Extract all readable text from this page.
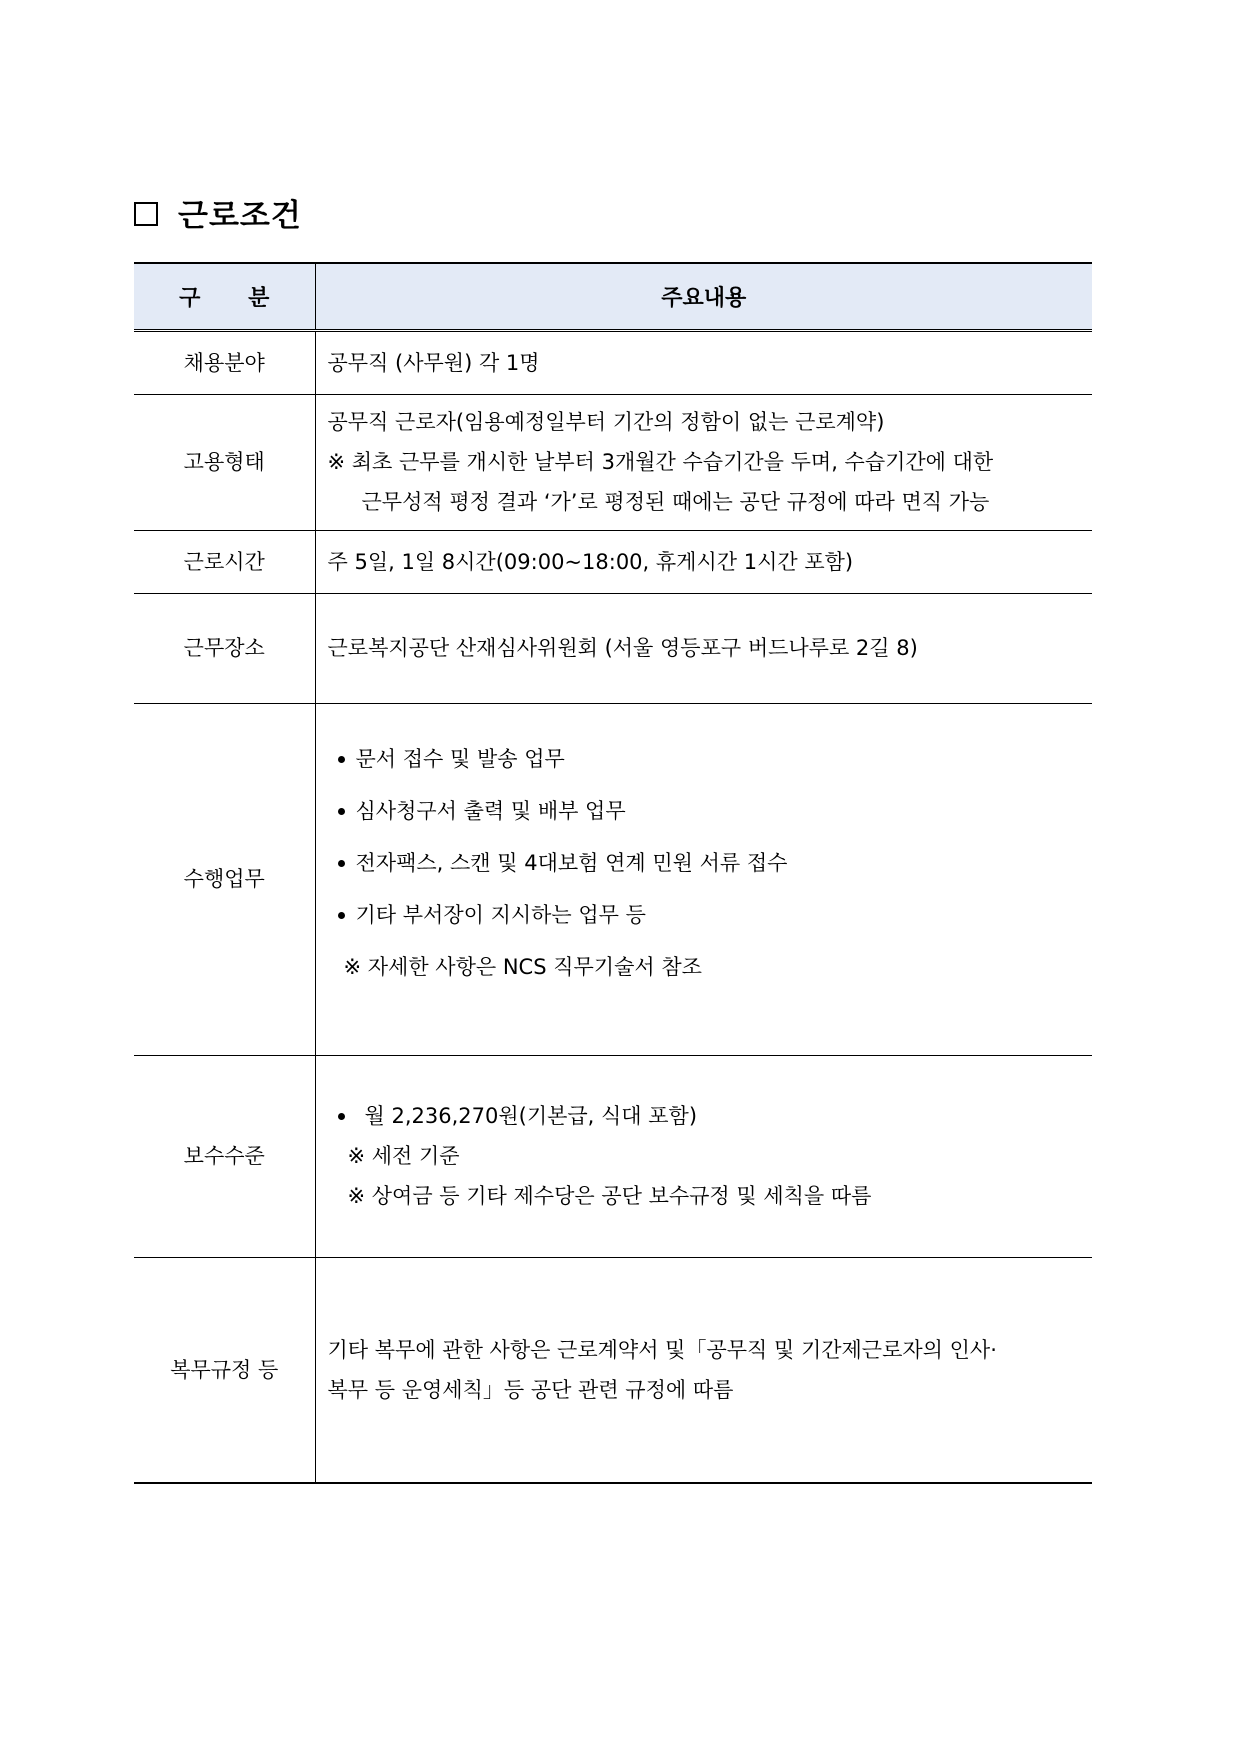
근로조건
구 분	주요내용
채용분야	공무직 (사무원) 각 1명
고용형태	공무직 근로자(임용예정일부터 기간의 정함이 없는 근로계약)
※ 최초 근무를 개시한 날부터 3개월간 수습기간을 두며, 수습기간에 대한
근무성적 평정 결과 ‘가’로 평정된 때에는 공단 규정에 따라 면직 가능

근로시간	주 5일, 1일 8시간(09:00~18:00, 휴게시간 1시간 포함)
근무장소	근로복지공단 산재심사위원회 (서울 영등포구 버드나루로 2길 8)
수행업무	문서 접수 및 발송 업무
심사청구서 출력 및 배부 업무
전자팩스, 스캔 및 4대보험 연계 민원 서류 접수
기타 부서장이 지시하는 업무 등
※ 자세한 사항은 NCS 직무기술서 참조

보수수준	월 2,236,270원(기본급, 식대 포함)
※ 세전 기준
※ 상여금 등 기타 제수당은 공단 보수규정 및 세칙을 따름

복무규정 등	기타 복무에 관한 사항은 근로계약서 및「공무직 및 기간제근로자의 인사·
복무 등 운영세칙」등 공단 관련 규정에 따름
